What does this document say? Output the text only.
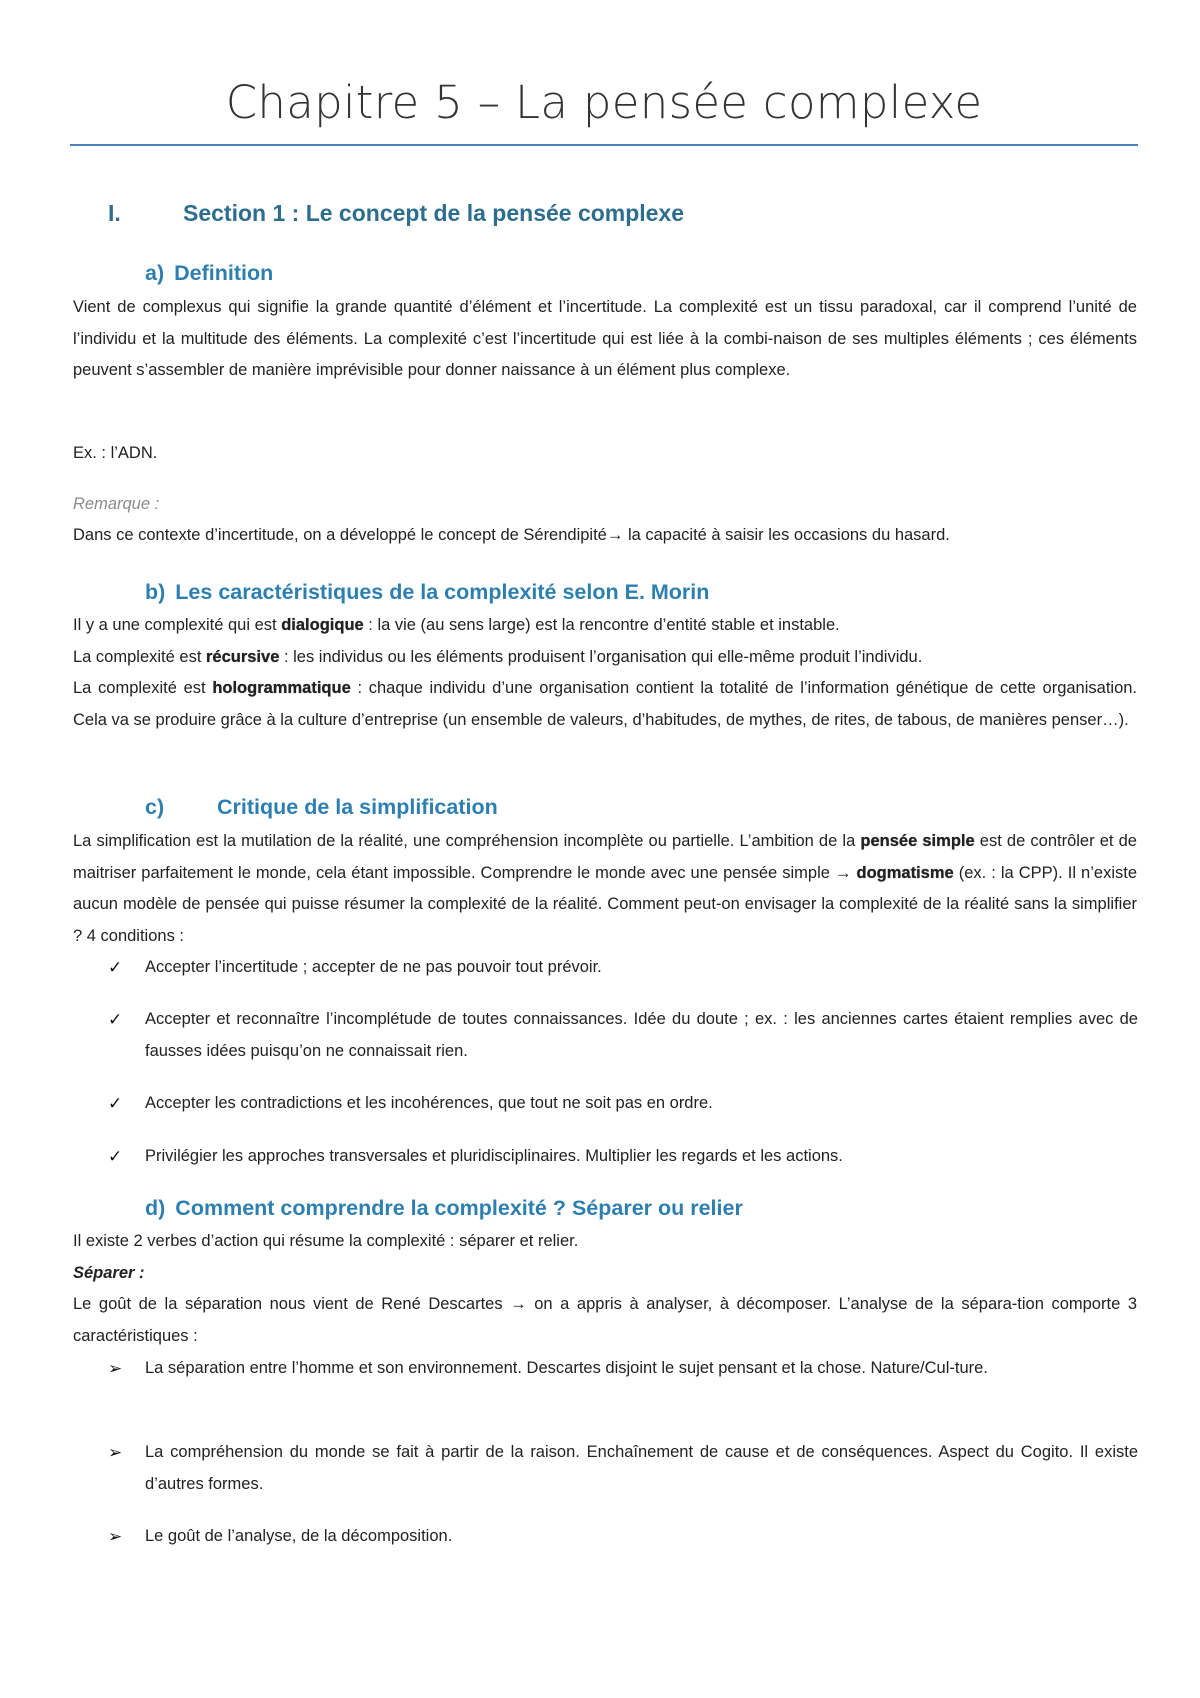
Chapitre 5 – La pensée complexe
I.	Section 1 : Le concept de la pensée complexe
a) Definition
Vient de complexus qui signifie la grande quantité d’élément et l’incertitude. La complexité est un tissu paradoxal, car il comprend l’unité de l’individu et la multitude des éléments. La complexité c’est l’incertitude qui est liée à la combi-naison de ses multiples éléments ; ces éléments peuvent s’assembler de manière imprévisible pour donner naissance à un élément plus complexe.
Ex. : l’ADN.
Remarque :
Dans ce contexte d’incertitude, on a développé le concept de Sérendipité→ la capacité à saisir les occasions du hasard.
b) Les caractéristiques de la complexité selon E. Morin
Il y a une complexité qui est dialogique : la vie (au sens large) est la rencontre d’entité stable et instable.
La complexité est récursive : les individus ou les éléments produisent l’organisation qui elle-même produit l’individu.
La complexité est hologrammatique : chaque individu d’une organisation contient la totalité de l’information génétique de cette organisation. Cela va se produire grâce à la culture d’entreprise (un ensemble de valeurs, d’habitudes, de mythes, de rites, de tabous, de manières penser…).
c) Critique de la simplification
La simplification est la mutilation de la réalité, une compréhension incomplète ou partielle. L’ambition de la pensée simple est de contrôler et de maitriser parfaitement le monde, cela étant impossible. Comprendre le monde avec une pensée simple → dogmatisme (ex. : la CPP). Il n’existe aucun modèle de pensée qui puisse résumer la complexité de la réalité. Comment peut-on envisager la complexité de la réalité sans la simplifier ? 4 conditions :
✓	Accepter l’incertitude ; accepter de ne pas pouvoir tout prévoir.
✓	Accepter et reconnaître l’incomplétude de toutes connaissances. Idée du doute ; ex. : les anciennes cartes étaient remplies avec de fausses idées puisqu’on ne connaissait rien.
✓	Accepter les contradictions et les incohérences, que tout ne soit pas en ordre.
✓	Privilégier les approches transversales et pluridisciplinaires. Multiplier les regards et les actions.
d) Comment comprendre la complexité ? Séparer ou relier
Il existe 2 verbes d’action qui résume la complexité : séparer et relier.
Séparer :
Le goût de la séparation nous vient de René Descartes → on a appris à analyser, à décomposer. L’analyse de la sépara-tion comporte 3 caractéristiques :
➢	La séparation entre l’homme et son environnement. Descartes disjoint le sujet pensant et la chose. Nature/Cul-ture.
➢	La compréhension du monde se fait à partir de la raison. Enchaînement de cause et de conséquences. Aspect du Cogito. Il existe d’autres formes.
➢	Le goût de l’analyse, de la décomposition.
